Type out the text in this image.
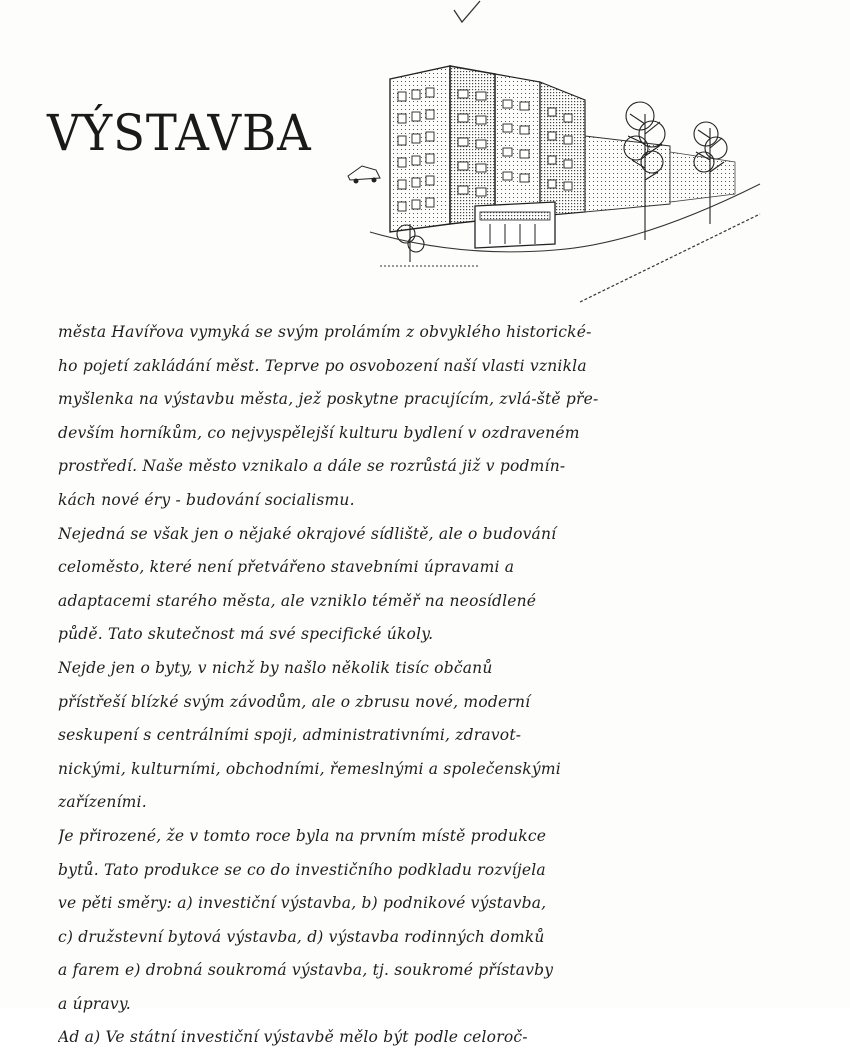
VÝSTAVBA
města Havířova vymyká se svým prolámím z obvyklého historické-
ho pojetí zakládání měst. Teprve po osvobození naší vlasti vznikla
myšlenka na výstavbu města, jež poskytne pracujícím, zvlá-ště pře-
devším horníkům, co nejvyspělejší kulturu bydlení v ozdraveném
prostředí. Naše město vznikalo a dále se rozrůstá již v podmín-
kách nové éry - budování socialismu.
Nejedná se však jen o nějaké okrajové sídliště, ale o budování
celoměsto, které není přetvářeno stavebními úpravami a
adaptacemi starého města, ale vzniklo téměř na neosídlené
půdě. Tato skutečnost má své specifické úkoly.
Nejde jen o byty, v nichž by našlo několik tisíc občanů
přístřeší blízké svým závodům, ale o zbrusu nové, moderní
seskupení s centrálními spoji, administrativními, zdravot-
nickými, kulturními, obchodními, řemeslnými a společenskými
zařízeními.
Je přirozené, že v tomto roce byla na prvním místě produkce
bytů. Tato produkce se co do investičního podkladu rozvíjela
ve pěti směry: a) investiční výstavba, b) podnikové výstavba,
c) družstevní bytová výstavba, d) výstavba rodinných domků
a farem e) drobná soukromá výstavba, tj. soukromé přístavby
a úpravy.
Ad a) Ve státní investiční výstavbě mělo být podle celoroč-
